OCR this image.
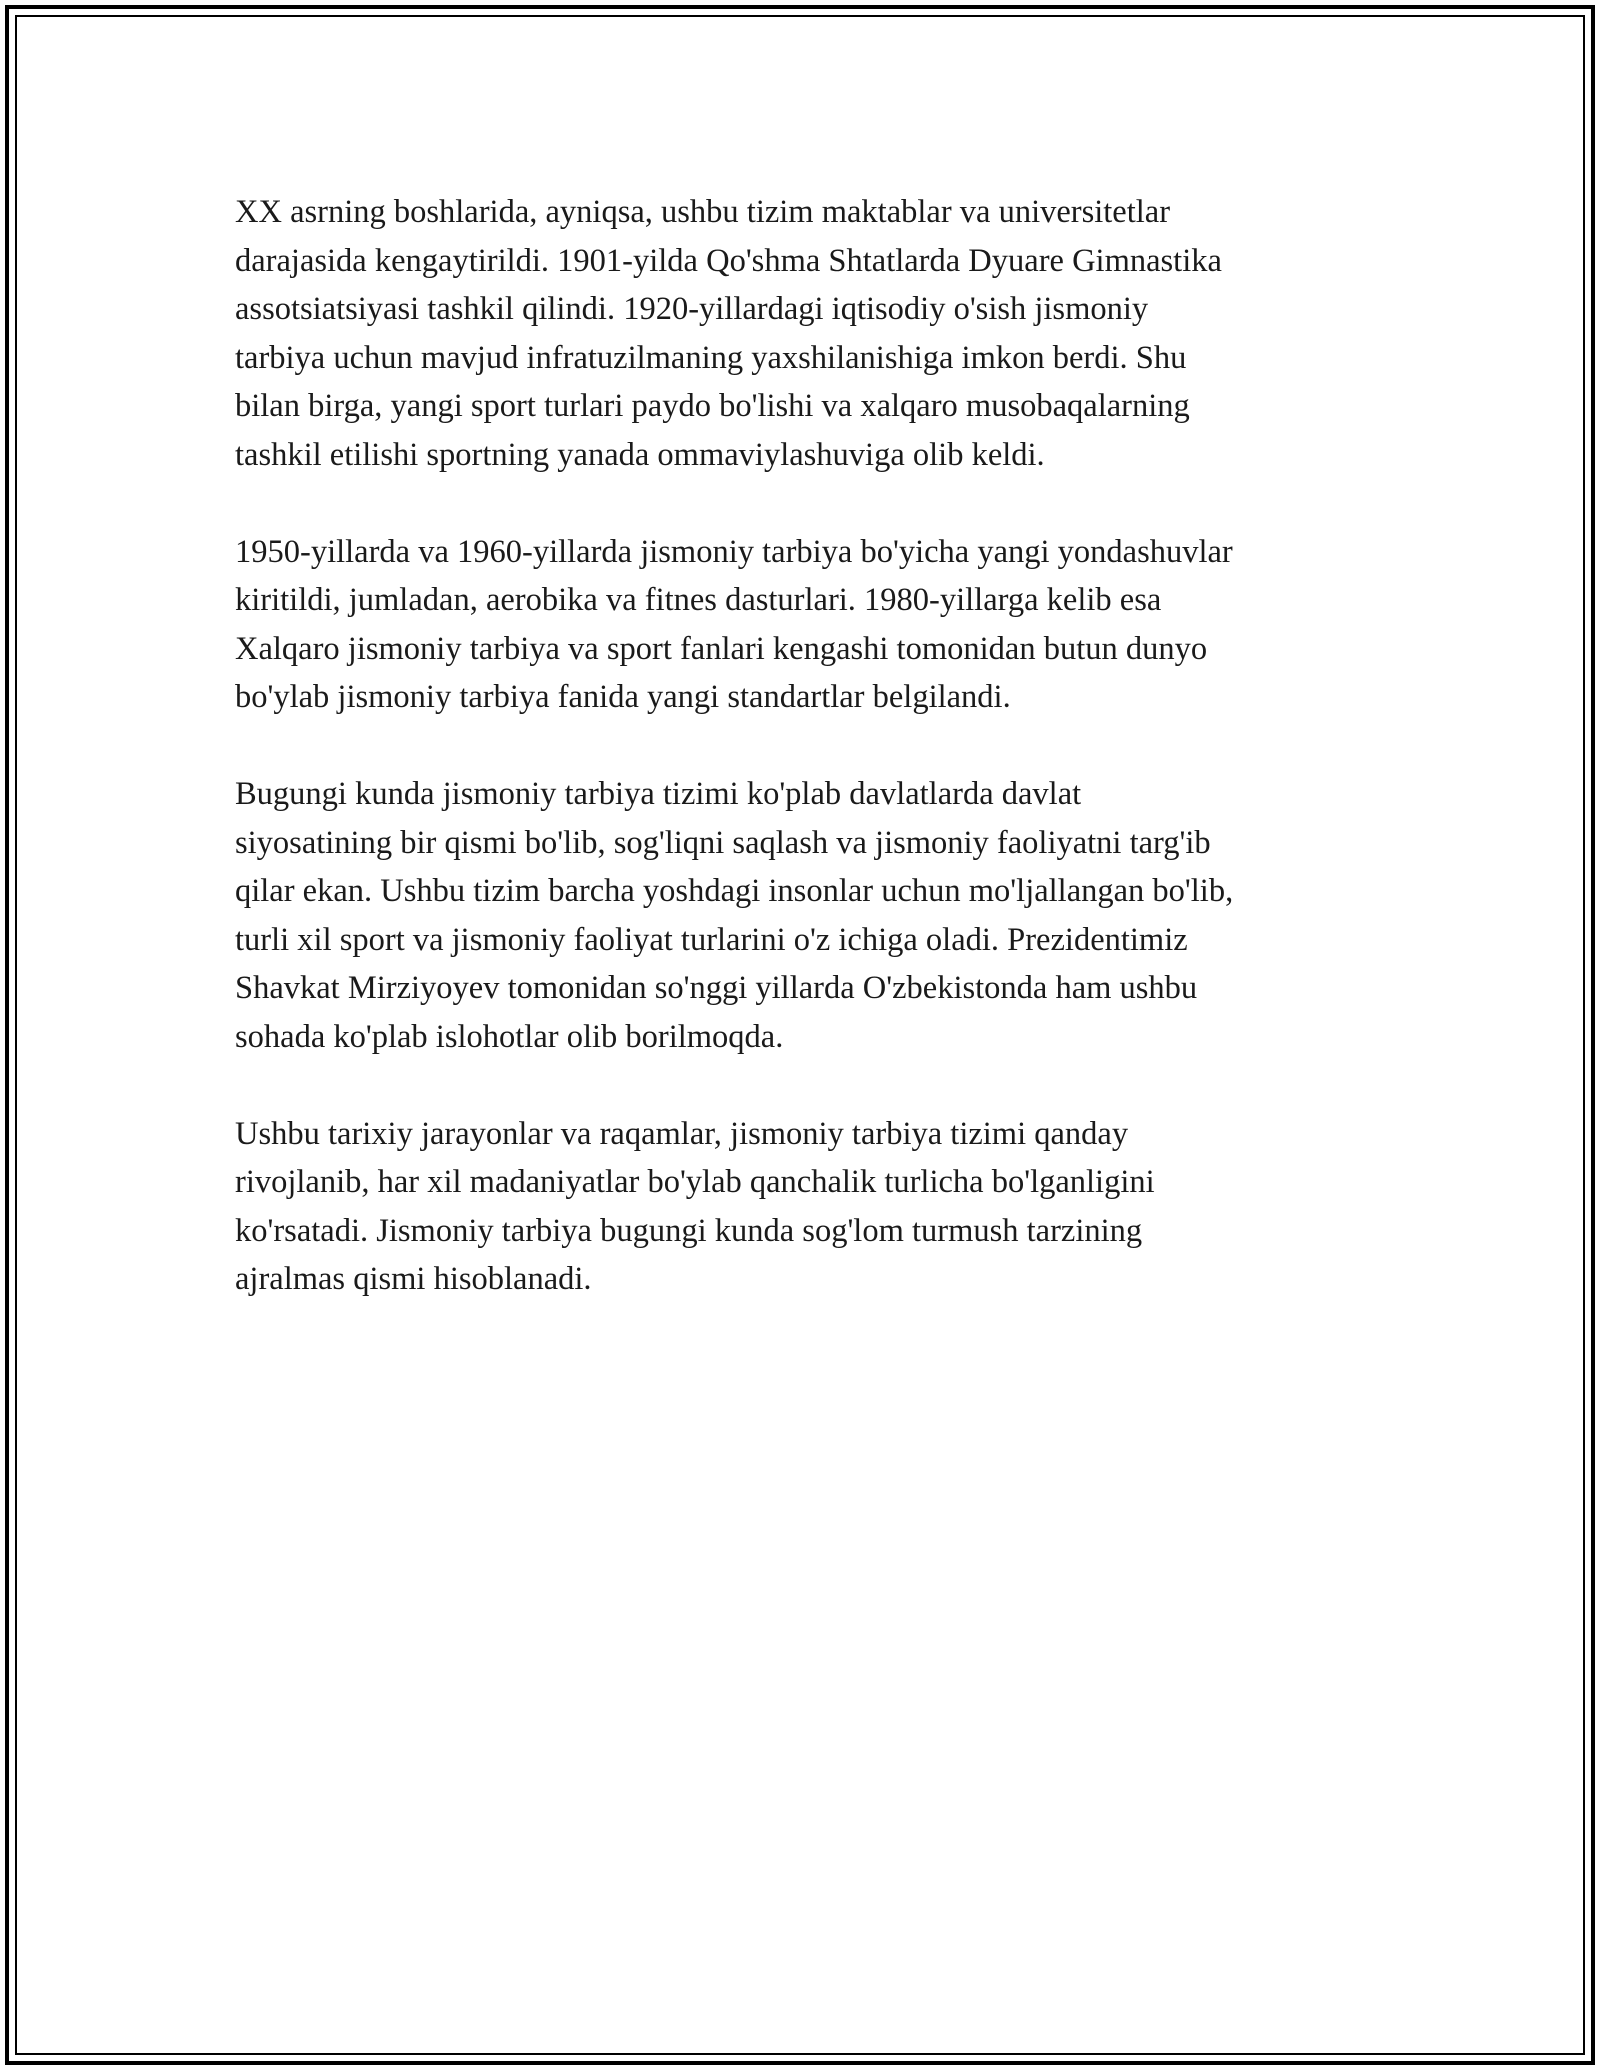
XX asrning boshlarida, ayniqsa, ushbu tizim maktablar va universitetlar
darajasida kengaytirildi. 1901-yilda Qo'shma Shtatlarda Dyuare Gimnastika
assotsiatsiyasi tashkil qilindi. 1920-yillardagi iqtisodiy o'sish jismoniy
tarbiya uchun mavjud infratuzilmaning yaxshilanishiga imkon berdi. Shu
bilan birga, yangi sport turlari paydo bo'lishi va xalqaro musobaqalarning
tashkil etilishi sportning yanada ommaviylashuviga olib keldi.

1950-yillarda va 1960-yillarda jismoniy tarbiya bo'yicha yangi yondashuvlar
kiritildi, jumladan, aerobika va fitnes dasturlari. 1980-yillarga kelib esa
Xalqaro jismoniy tarbiya va sport fanlari kengashi tomonidan butun dunyo
bo'ylab jismoniy tarbiya fanida yangi standartlar belgilandi.

Bugungi kunda jismoniy tarbiya tizimi ko'plab davlatlarda davlat
siyosatining bir qismi bo'lib, sog'liqni saqlash va jismoniy faoliyatni targ'ib
qilar ekan. Ushbu tizim barcha yoshdagi insonlar uchun mo'ljallangan bo'lib,
turli xil sport va jismoniy faoliyat turlarini o'z ichiga oladi. Prezidentimiz
Shavkat Mirziyoyev tomonidan so'nggi yillarda O'zbekistonda ham ushbu
sohada ko'plab islohotlar olib borilmoqda.

Ushbu tarixiy jarayonlar va raqamlar, jismoniy tarbiya tizimi qanday
rivojlanib, har xil madaniyatlar bo'ylab qanchalik turlicha bo'lganligini
ko'rsatadi. Jismoniy tarbiya bugungi kunda sog'lom turmush tarzining
ajralmas qismi hisoblanadi.
